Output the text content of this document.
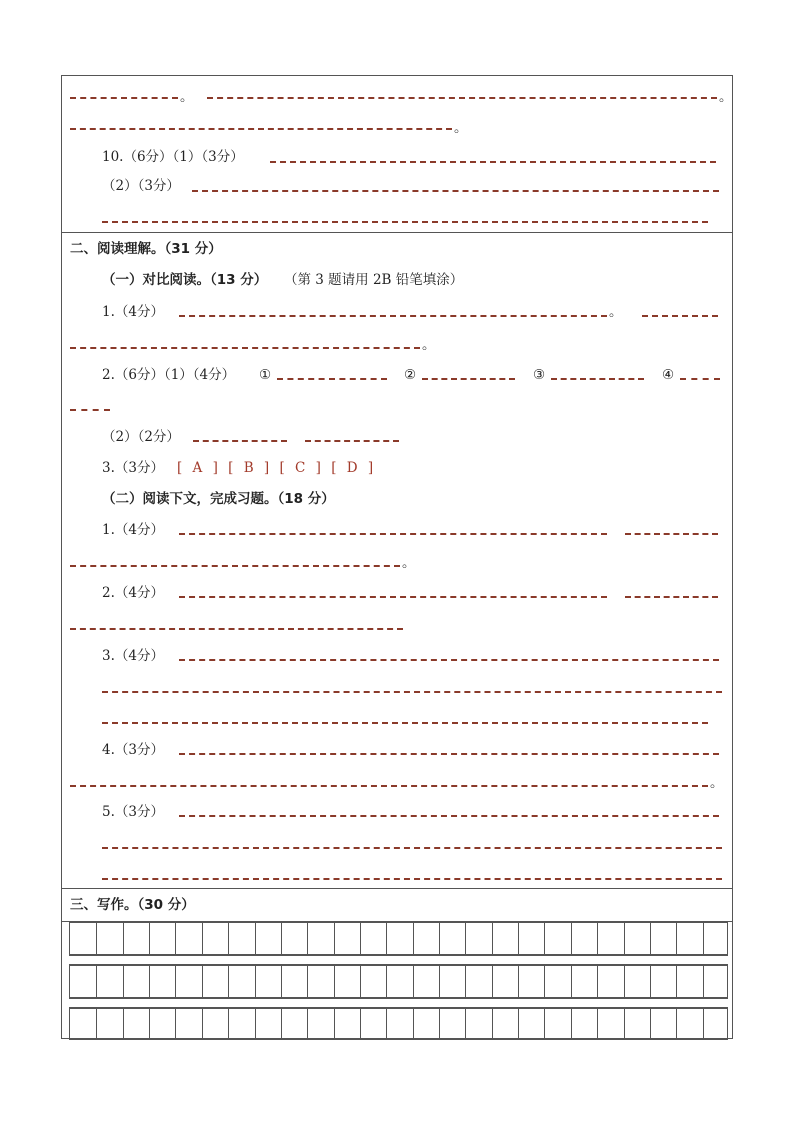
。	。
。
10.（6分）（1）（3分）
（2）（3分）
二、阅读理解。（31 分）
（一）对比阅读。（13 分） （第 3 题请用 2B 铅笔填涂）
1.（4分）	。
。
2.（6分）（1）（4分） ①	②	③	④
（2）（2分）
3.（3分） [ A ] [ B ] [ C ] [ D ]
（二）阅读下文，完成习题。（18 分）
1.（4分）
。
2.（4分）
3.（4分）
4.（3分）
。
5.（3分）
三、写作。（30 分）
